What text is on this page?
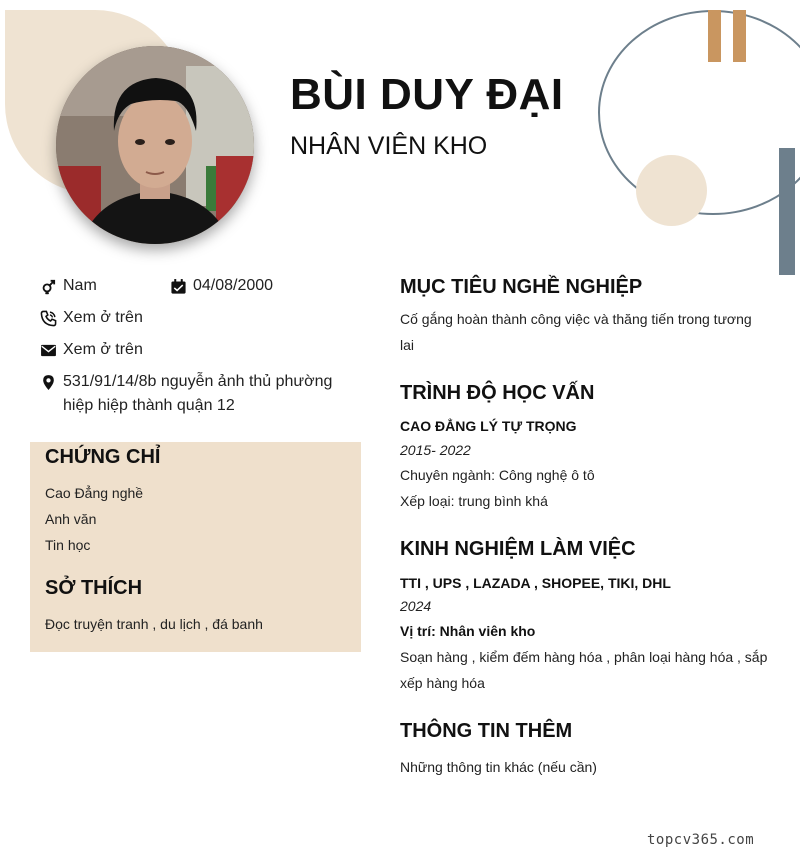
BÙI DUY ĐẠI
NHÂN VIÊN KHO
Nam	04/08/2000
Xem ở trên
Xem ở trên
531/91/14/8b nguyễn ảnh thủ phường
hiệp hiệp thành quận 12
CHỨNG CHỈ
Cao Đẳng nghề
Anh văn
Tin học
SỞ THÍCH
Đọc truyện tranh , du lịch , đá banh
MỤC TIÊU NGHỀ NGHIỆP
Cố gắng hoàn thành công việc và thăng tiến trong tương
lai
TRÌNH ĐỘ HỌC VẤN
CAO ĐẲNG LÝ TỰ TRỌNG
2015- 2022
Chuyên ngành: Công nghệ ô tô
Xếp loại: trung bình khá
KINH NGHIỆM LÀM VIỆC
TTI , UPS , LAZADA , SHOPEE, TIKI, DHL
2024
Vị trí: Nhân viên kho
Soạn hàng , kiểm đếm hàng hóa , phân loại hàng hóa , sắp
xếp hàng hóa
THÔNG TIN THÊM
Những thông tin khác (nếu cần)
topcv365.com
